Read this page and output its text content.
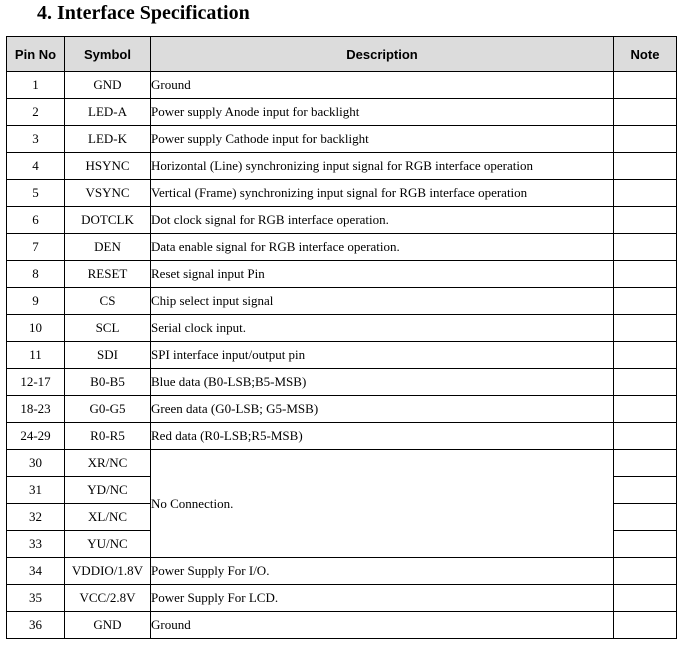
4. Interface Specification
Pin No	Symbol	Description	Note
1	GND	Ground	
2	LED-A	Power supply Anode input for backlight	
3	LED-K	Power supply Cathode input for backlight	
4	HSYNC	Horizontal (Line) synchronizing input signal for RGB interface operation	
5	VSYNC	Vertical (Frame) synchronizing input signal for RGB interface operation	
6	DOTCLK	Dot clock signal for RGB interface operation.	
7	DEN	Data enable signal for RGB interface operation.	
8	RESET	Reset signal input Pin	
9	CS	Chip select input signal	
10	SCL	Serial clock input.	
11	SDI	SPI interface input/output pin	
12-17	B0-B5	Blue data (B0-LSB;B5-MSB)	
18-23	G0-G5	Green data (G0-LSB; G5-MSB)	
24-29	R0-R5	Red data (R0-LSB;R5-MSB)	
30	XR/NC	No Connection.	
31	YD/NC		
32	XL/NC		
33	YU/NC		
34	VDDIO/1.8V	Power Supply For I/O.	
35	VCC/2.8V	Power Supply For LCD.	
36	GND	Ground	
